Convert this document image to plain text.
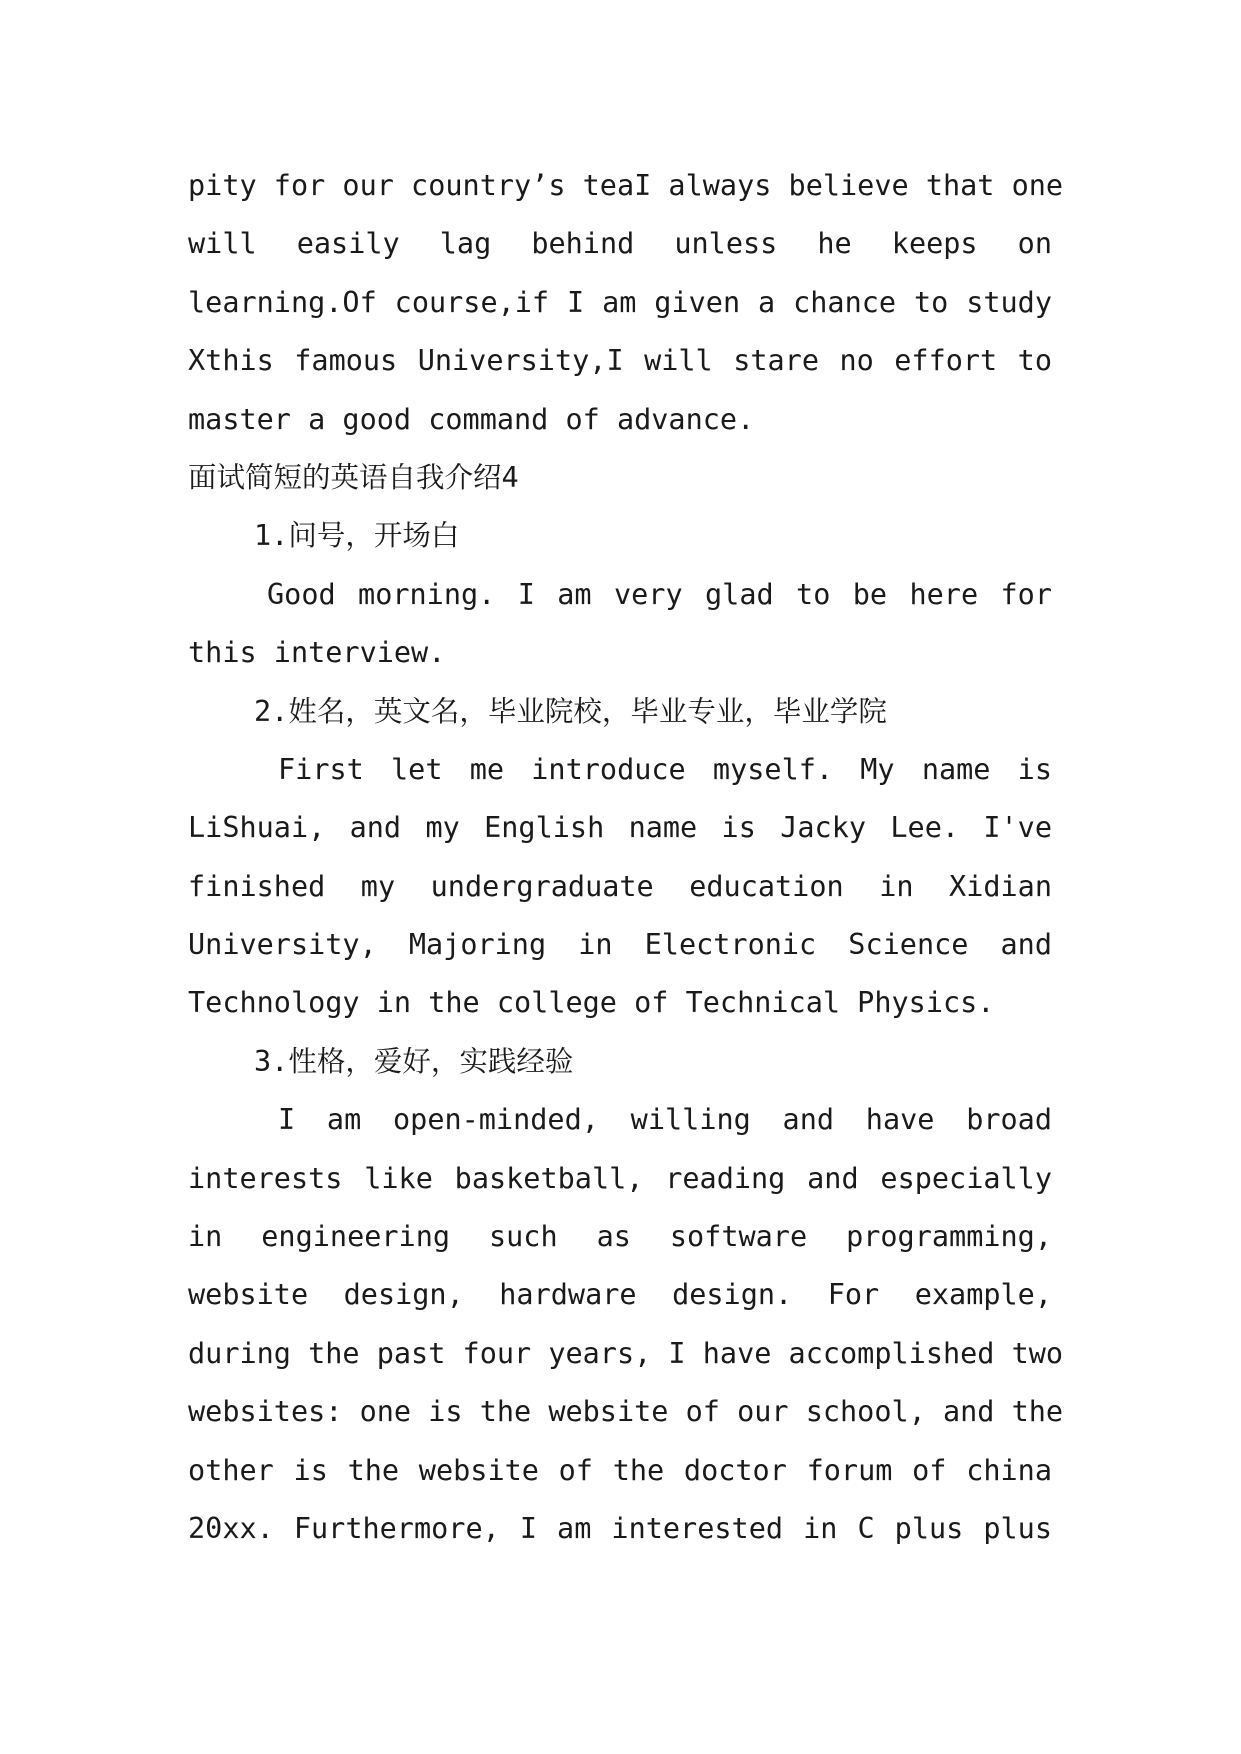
pity for our country’s teaI always believe that one
will easily lag behind unless he keeps on
learning.Of course,if I am given a chance to study
Xthis famous University,I will stare no effort to
master a good command of advance.
面试简短的英语自我介绍4
1.问号，开场白
Good morning. I am very glad to be here for
this interview.
2.姓名，英文名，毕业院校，毕业专业，毕业学院
First let me introduce myself. My name is
LiShuai, and my English name is Jacky Lee. I've
finished my undergraduate education in Xidian
University, Majoring in Electronic Science and
Technology in the college of Technical Physics.
3.性格，爱好，实践经验
I am open-minded, willing and have broad
interests like basketball, reading and especially
in engineering such as software programming,
website design, hardware design. For example,
during the past four years, I have accomplished two
websites: one is the website of our school, and the
other is the website of the doctor forum of china
20xx. Furthermore, I am interested in C plus plus
